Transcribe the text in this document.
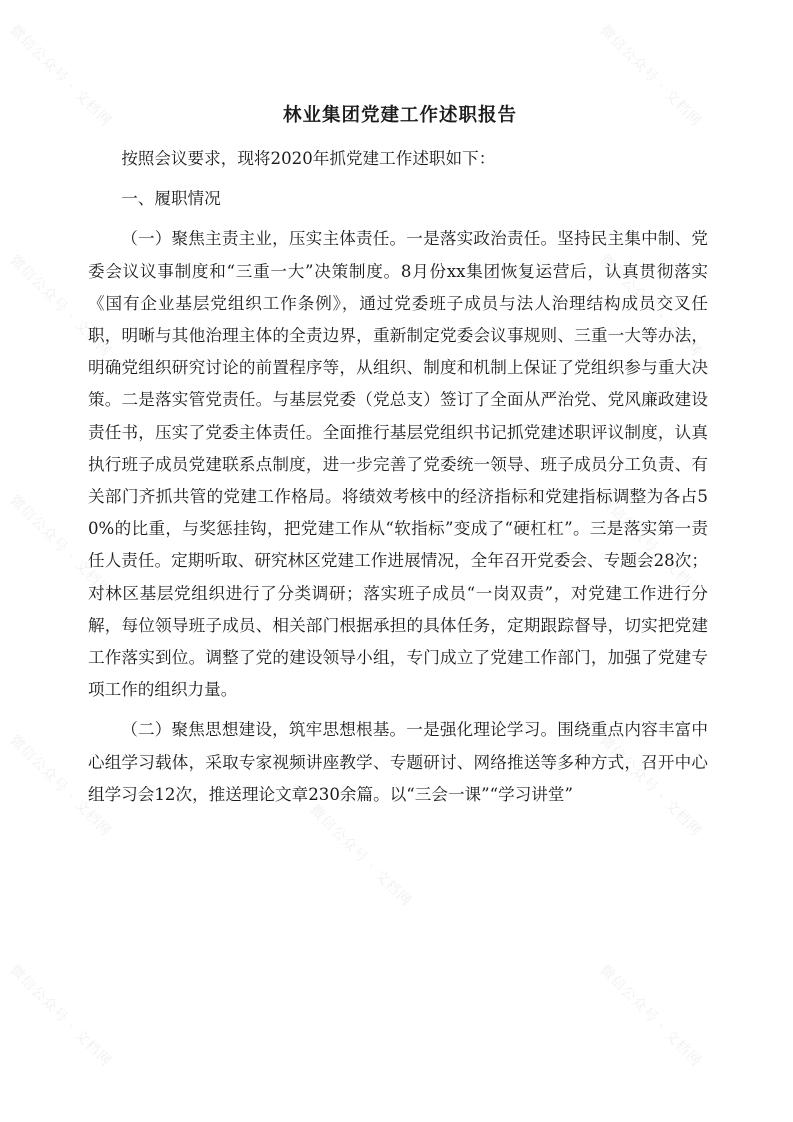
微信公众号 · 文档网	微信公众号 · 文档网
微信公众号 · 文档网	微信公众号 · 文档网
微信公众号 · 文档网	微信公众号 · 文档网
微信公众号 · 文档网	微信公众号 · 文档网
微信公众号 · 文档网
微信公众号 · 文档网	微信公众号 · 文档网
林业集团党建工作述职报告

按照会议要求，现将2020年抓党建工作述职如下：

一、履职情况

（一）聚焦主责主业，压实主体责任。一是落实政治责任。坚持民主集中制、党委会议议事制度和“三重一大”决策制度。8月份xx集团恢复运营后，认真贯彻落实《国有企业基层党组织工作条例》，通过党委班子成员与法人治理结构成员交叉任职，明晰与其他治理主体的全责边界，重新制定党委会议事规则、三重一大等办法，明确党组织研究讨论的前置程序等，从组织、制度和机制上保证了党组织参与重大决策。二是落实管党责任。与基层党委（党总支）签订了全面从严治党、党风廉政建设责任书，压实了党委主体责任。全面推行基层党组织书记抓党建述职评议制度，认真执行班子成员党建联系点制度，进一步完善了党委统一领导、班子成员分工负责、有关部门齐抓共管的党建工作格局。将绩效考核中的经济指标和党建指标调整为各占50%的比重，与奖惩挂钩，把党建工作从“软指标”变成了“硬杠杠”。三是落实第一责任人责任。定期听取、研究林区党建工作进展情况，全年召开党委会、专题会28次；对林区基层党组织进行了分类调研；落实班子成员“一岗双责”，对党建工作进行分解，每位领导班子成员、相关部门根据承担的具体任务，定期跟踪督导，切实把党建工作落实到位。调整了党的建设领导小组，专门成立了党建工作部门，加强了党建专项工作的组织力量。

（二）聚焦思想建设，筑牢思想根基。一是强化理论学习。围绕重点内容丰富中心组学习载体，采取专家视频讲座教学、专题研讨、网络推送等多种方式，召开中心组学习会12次，推送理论文章230余篇。以“三会一课”“学习讲堂”
